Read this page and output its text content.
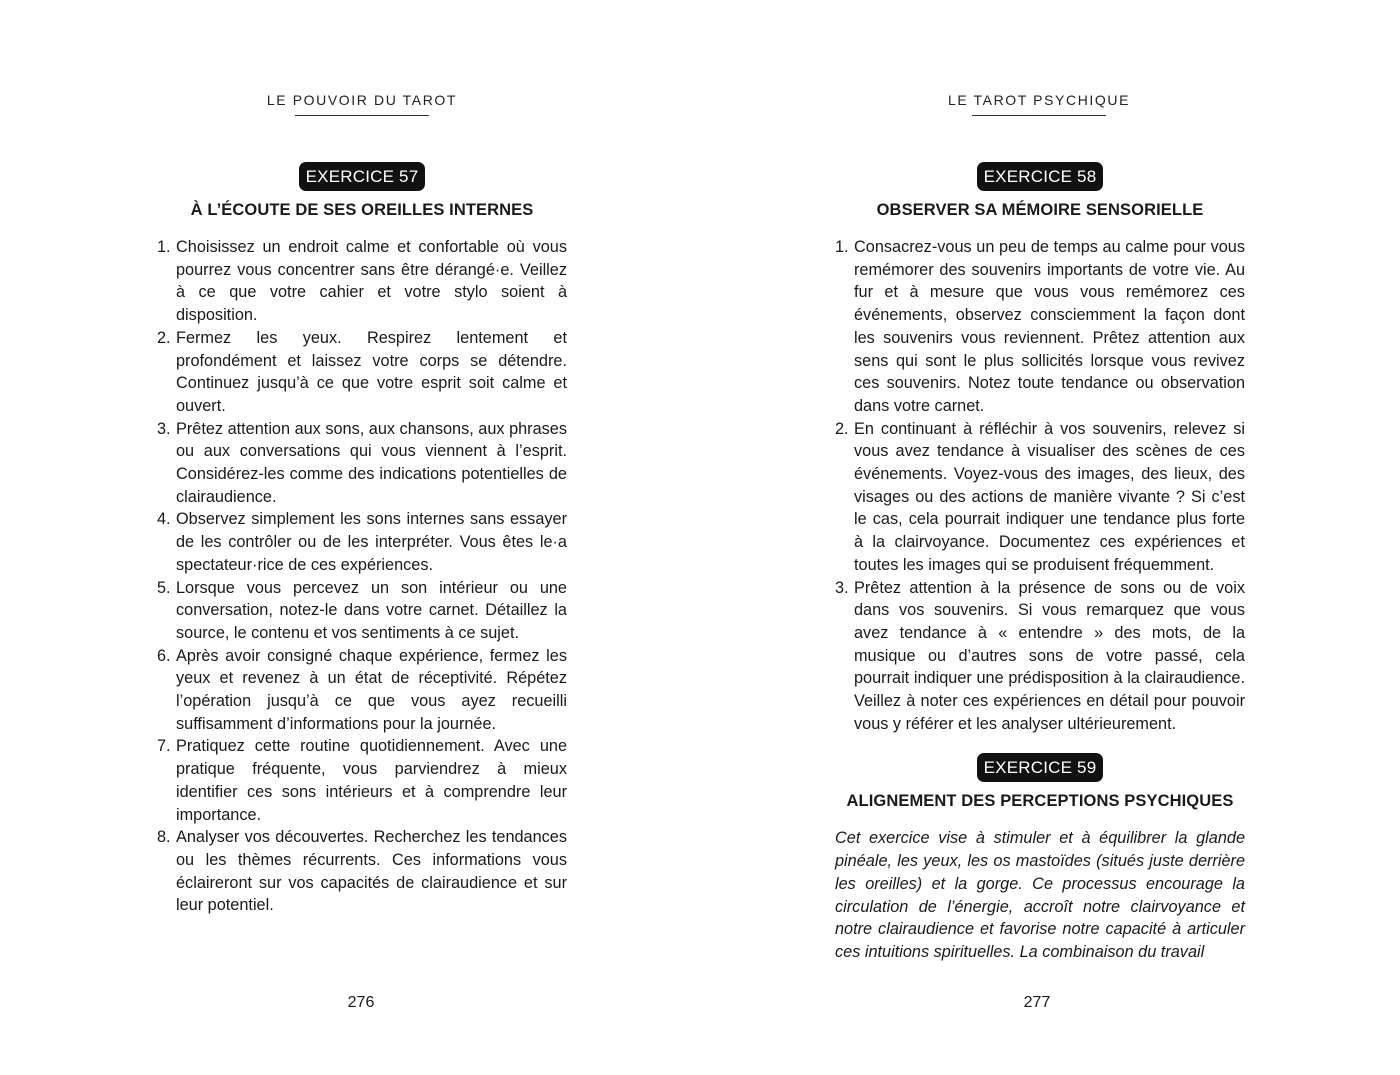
LE POUVOIR DU TAROT
EXERCICE 57
À L’ÉCOUTE DE SES OREILLES INTERNES
1. Choisissez un endroit calme et confortable où vous pourrez vous concentrer sans être dérangé·e. Veillez à ce que votre cahier et votre stylo soient à disposition.
2. Fermez les yeux. Respirez lentement et profondément et laissez votre corps se détendre. Continuez jusqu’à ce que votre esprit soit calme et ouvert.
3. Prêtez attention aux sons, aux chansons, aux phrases ou aux conversations qui vous viennent à l’esprit. Considérez-les comme des indications potentielles de clairaudience.
4. Observez simplement les sons internes sans essayer de les contrôler ou de les interpréter. Vous êtes le·a spectateur·rice de ces expériences.
5. Lorsque vous percevez un son intérieur ou une conversation, notez-le dans votre carnet. Détaillez la source, le contenu et vos sentiments à ce sujet.
6. Après avoir consigné chaque expérience, fermez les yeux et revenez à un état de réceptivité. Répétez l’opération jusqu’à ce que vous ayez recueilli suffisamment d’informations pour la journée.
7. Pratiquez cette routine quotidiennement. Avec une pratique fréquente, vous parviendrez à mieux identifier ces sons intérieurs et à comprendre leur importance.
8. Analyser vos découvertes. Recherchez les tendances ou les thèmes récurrents. Ces informations vous éclaireront sur vos capacités de clairaudience et sur leur potentiel.
276
LE TAROT PSYCHIQUE
EXERCICE 58
OBSERVER SA MÉMOIRE SENSORIELLE
1. Consacrez-vous un peu de temps au calme pour vous remémorer des souvenirs importants de votre vie. Au fur et à mesure que vous vous remémorez ces événements, observez consciemment la façon dont les souvenirs vous reviennent. Prêtez attention aux sens qui sont le plus sollicités lorsque vous revivez ces souvenirs. Notez toute tendance ou observation dans votre carnet.
2. En continuant à réfléchir à vos souvenirs, relevez si vous avez tendance à visualiser des scènes de ces événements. Voyez-vous des images, des lieux, des visages ou des actions de manière vivante ? Si c’est le cas, cela pourrait indiquer une tendance plus forte à la clairvoyance. Documentez ces expériences et toutes les images qui se produisent fréquemment.
3. Prêtez attention à la présence de sons ou de voix dans vos souvenirs. Si vous remarquez que vous avez tendance à « entendre » des mots, de la musique ou d’autres sons de votre passé, cela pourrait indiquer une prédisposition à la clairaudience. Veillez à noter ces expériences en détail pour pouvoir vous y référer et les analyser ultérieurement.
EXERCICE 59
ALIGNEMENT DES PERCEPTIONS PSYCHIQUES

Cet exercice vise à stimuler et à équilibrer la glande pinéale, les yeux, les os mastoïdes (situés juste derrière les oreilles) et la gorge. Ce processus encourage la circulation de l’énergie, accroît notre clairvoyance et notre clairaudience et favorise notre capacité à articuler ces intuitions spirituelles. La combinaison du travail

277
